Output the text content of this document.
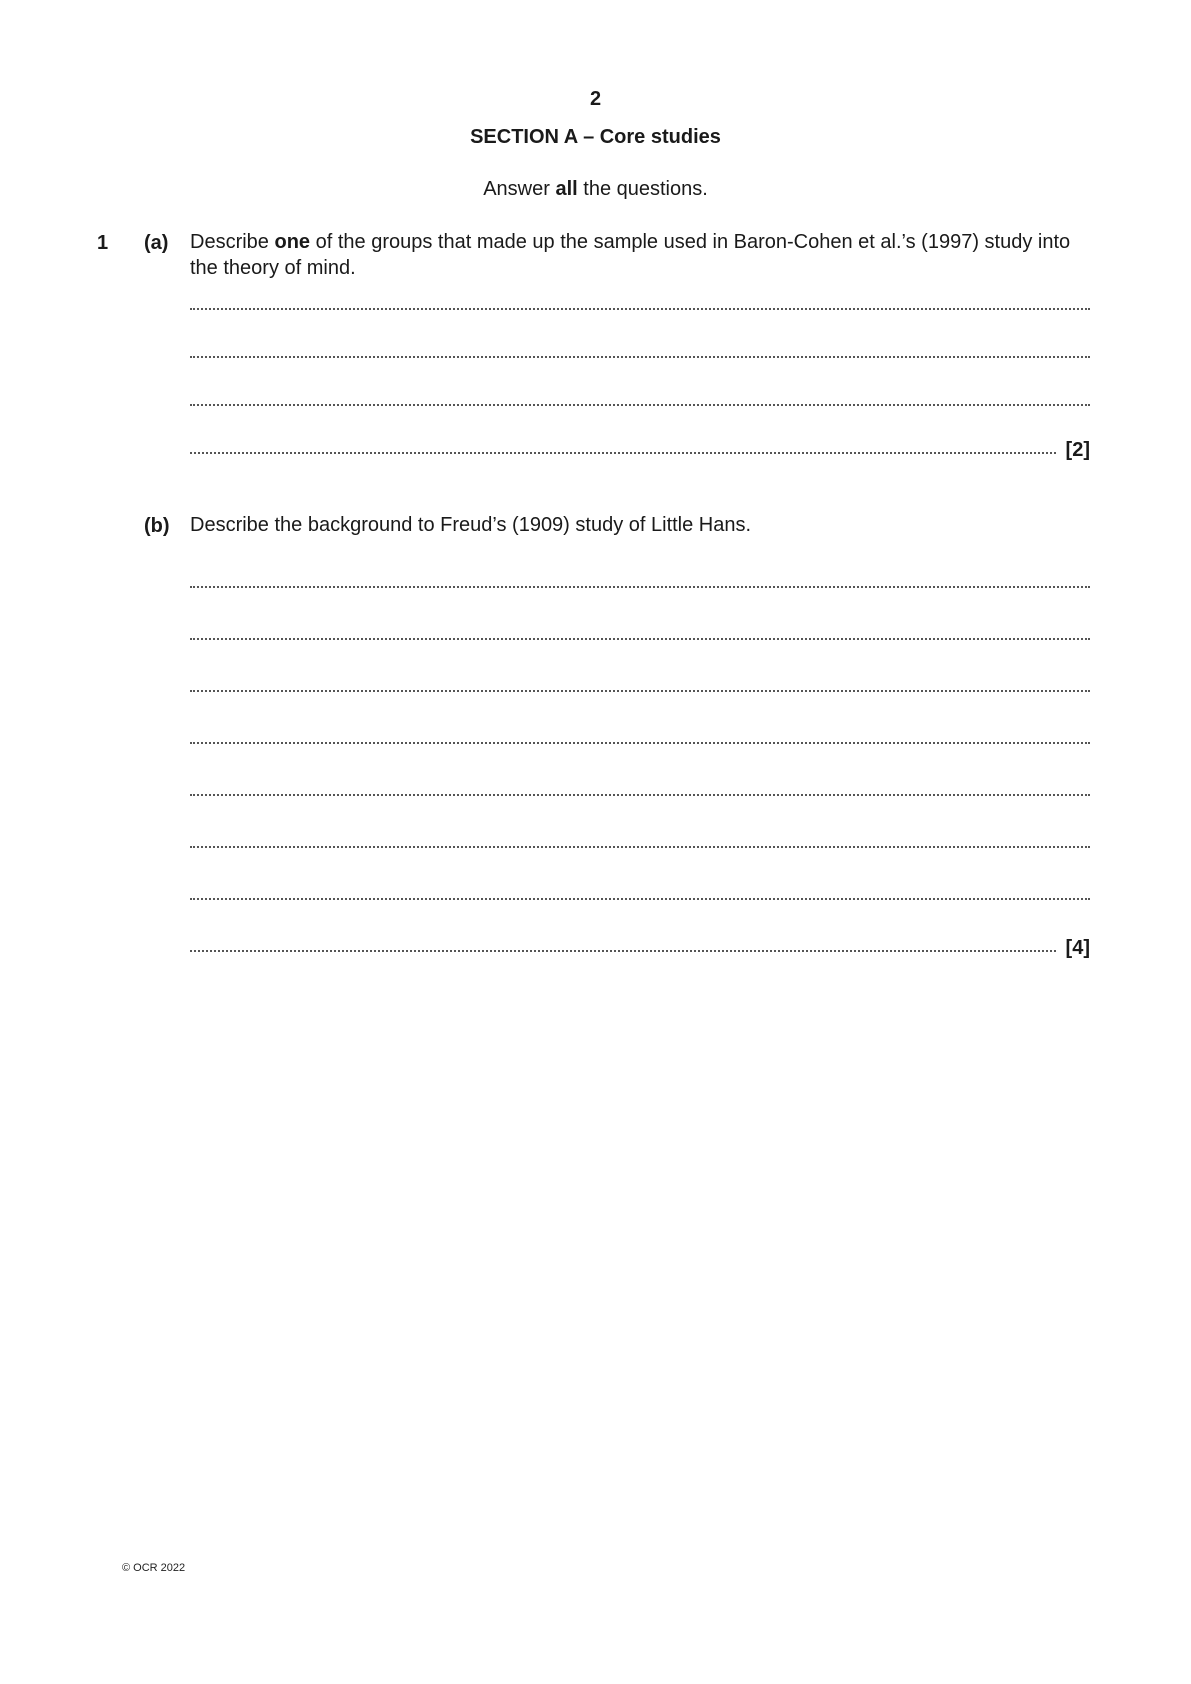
2
SECTION A – Core studies
Answer all the questions.
1 (a) Describe one of the groups that made up the sample used in Baron-Cohen et al.’s (1997) study into the theory of mind.
[2]
(b) Describe the background to Freud’s (1909) study of Little Hans.
[4]
© OCR 2022
